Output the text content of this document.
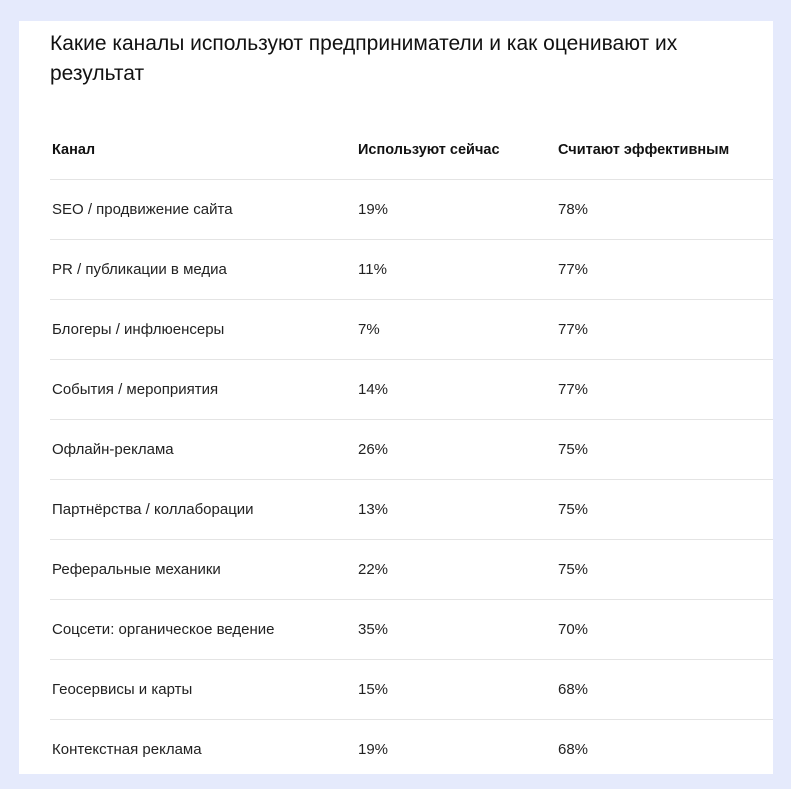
Какие каналы используют предприниматели и как оценивают их результат
Канал	Используют сейчас	Считают эффективным
SEO / продвижение сайта	19%	78%
PR / публикации в медиа	11%	77%
Блогеры / инфлюенсеры	7%	77%
События / мероприятия	14%	77%
Офлайн-реклама	26%	75%
Партнёрства / коллаборации	13%	75%
Реферальные механики	22%	75%
Соцсети: органическое ведение	35%	70%
Геосервисы и карты	15%	68%
Контекстная реклама	19%	68%
